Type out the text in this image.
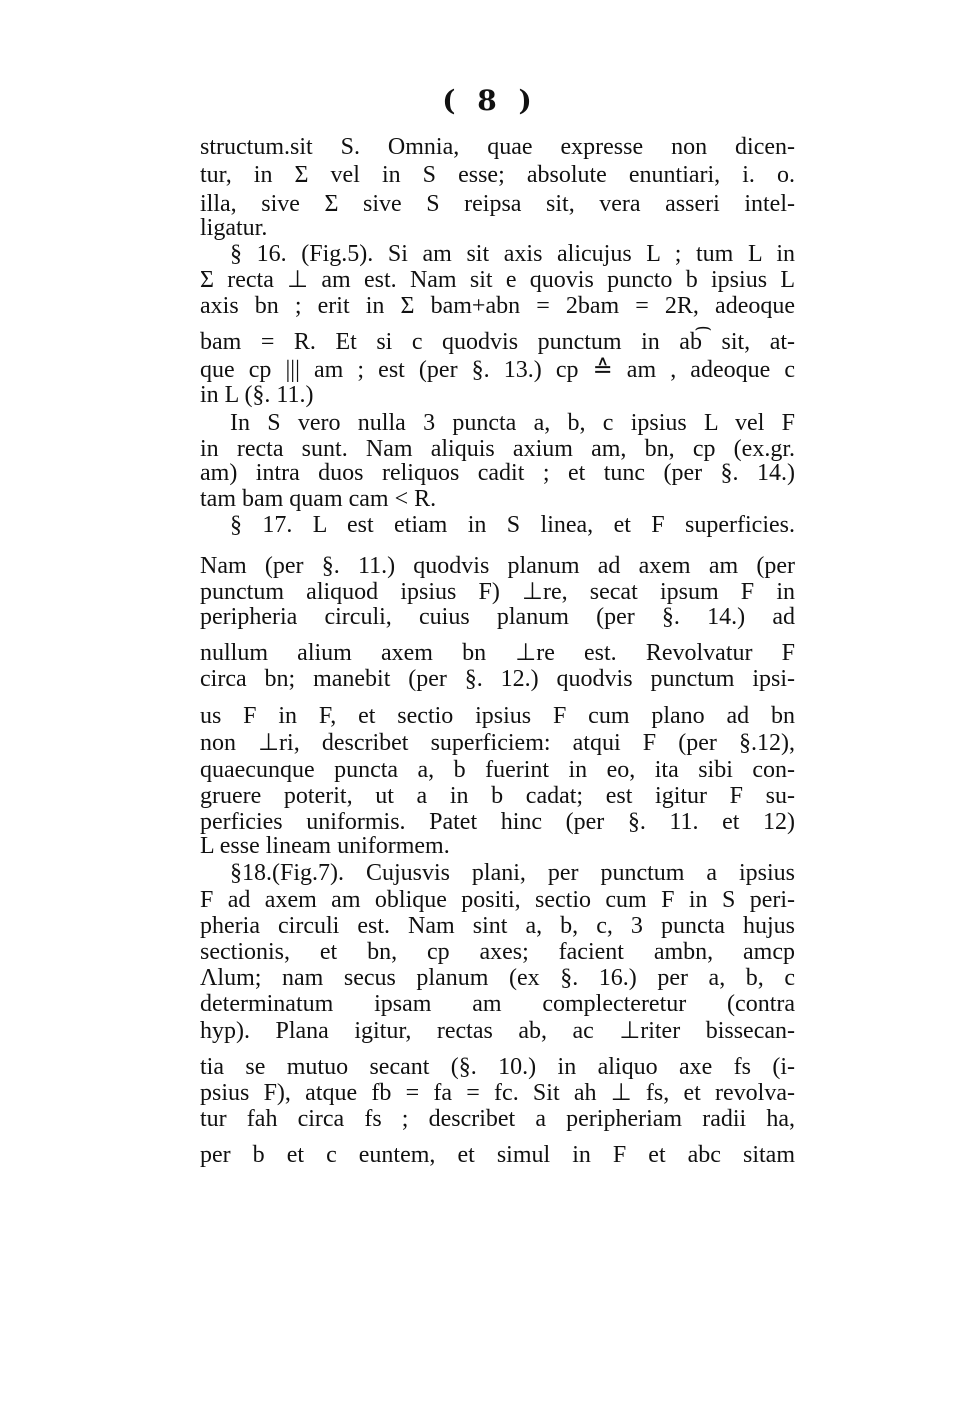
( 8 )
structum.sit S. Omnia, quae expresse non dicen-
tur, in Σ vel in S esse; absolute enuntiari, i. o.
illa, sive Σ sive S reipsa sit, vera asseri intel-
ligatur.
§ 16. (Fig.5). Si am sit axis alicujus L ; tum L in
Σ recta ⊥ am est. Nam sit e quovis puncto b ipsius L
axis bn ; erit in Σ bam+abn = 2bam = 2R, adeoque
bam = R. Et si c quodvis punctum in ab͡ sit, at-
que cp ||| am ; est (per §. 13.) cp ≙ am , adeoque c
in L (§. 11.)
In S vero nulla 3 puncta a, b, c ipsius L vel F
in recta sunt. Nam aliquis axium am, bn, cp (ex.gr.
am) intra duos reliquos cadit ; et tunc (per §. 14.)
tam bam quam cam < R.
§ 17. L est etiam in S linea, et F superficies.
Nam (per §. 11.) quodvis planum ad axem am (per
punctum aliquod ipsius F) ⊥re, secat ipsum F in
peripheria circuli, cuius planum (per §. 14.) ad
nullum alium axem bn ⊥re est. Revolvatur F
circa bn; manebit (per §. 12.) quodvis punctum ipsi-
us F in F, et sectio ipsius F cum plano ad bn
non ⊥ri, describet superficiem: atqui F (per §.12),
quaecunque puncta a, b fuerint in eo, ita sibi con-
gruere poterit, ut a in b cadat; est igitur F su-
perficies uniformis. Patet hinc (per §. 11. et 12)
L esse lineam uniformem.
§18.(Fig.7). Cujusvis plani, per punctum a ipsius
F ad axem am oblique positi, sectio cum F in S peri-
pheria circuli est. Nam sint a, b, c, 3 puncta hujus
sectionis, et bn, cp axes; facient ambn, amcp
Λlum; nam secus planum (ex §. 16.) per a, b, c
determinatum ipsam am complecteretur (contra
hyp). Plana igitur, rectas ab, ac ⊥riter bissecan-
tia se mutuo secant (§. 10.) in aliquo axe fs (i-
psius F), atque fb = fa = fc. Sit ah ⊥ fs, et revolva-
tur fah circa fs ; describet a peripheriam radii ha,
per b et c euntem, et simul in F et abc sitam
